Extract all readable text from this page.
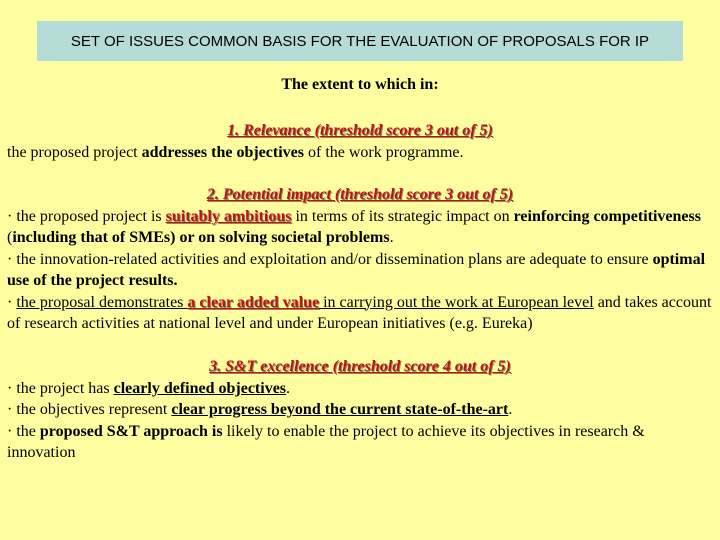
SET OF ISSUES COMMON BASIS FOR THE EVALUATION OF PROPOSALS FOR IP
The extent to which in:
1. Relevance (threshold score 3 out of 5)
the proposed project addresses the objectives of the work programme.
2. Potential impact (threshold score 3 out of 5)
· the proposed project is suitably ambitious in terms of its strategic impact on reinforcing competitiveness (including that of SMEs) or on solving societal problems.
· the innovation-related activities and exploitation and/or dissemination plans are adequate to ensure optimal use of the project results.
· the proposal demonstrates a clear added value in carrying out the work at European level and takes account of research activities at national level and under European initiatives (e.g. Eureka)
3. S&T excellence (threshold score 4 out of 5)
· the project has clearly defined objectives.
· the objectives represent clear progress beyond the current state-of-the-art.
· the proposed S&T approach is likely to enable the project to achieve its objectives in research & innovation
